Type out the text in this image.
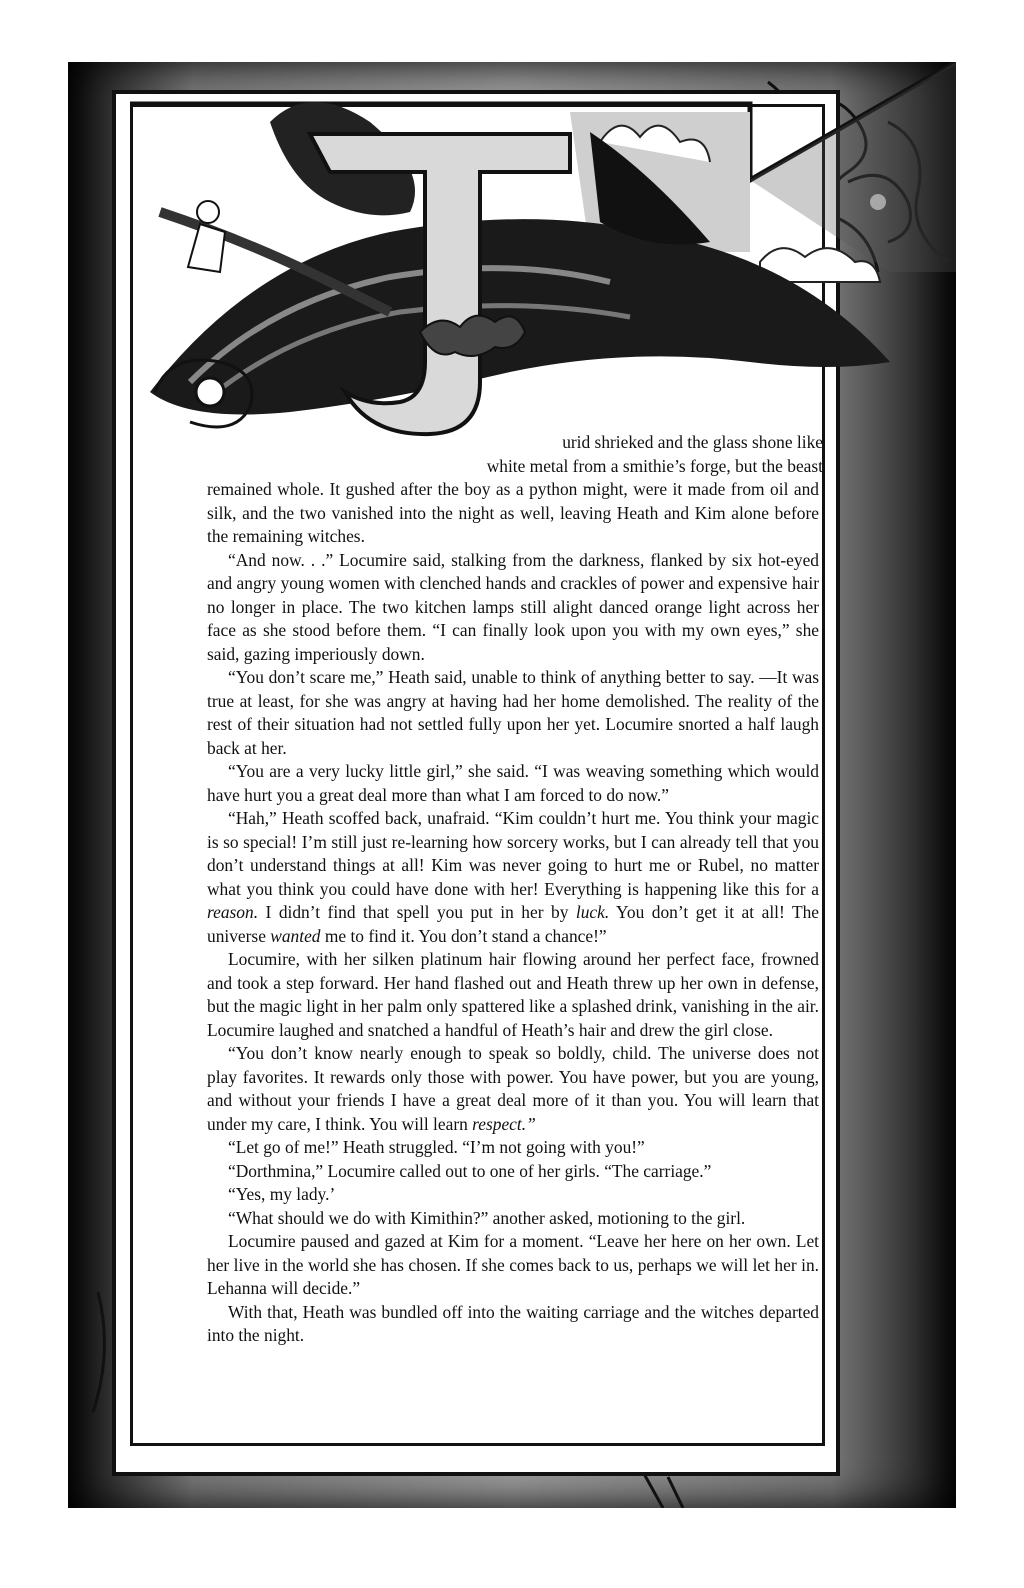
T

urid shrieked and the glass shone like

white metal from a smithie’s forge, but the beast

remained whole. It gushed after the boy as a python might, were it made from oil and silk, and the two vanished into the night as well, leaving Heath and Kim alone before the remaining witches.

“And now. . .” Locumire said, stalking from the darkness, flanked by six hot-eyed and angry young women with clenched hands and crackles of power and expensive hair no longer in place. The two kitchen lamps still alight danced orange light across her face as she stood before them. “I can finally look upon you with my own eyes,” she said, gazing imperiously down.

“You don’t scare me,” Heath said, unable to think of anything better to say. —It was true at least, for she was angry at having had her home demolished. The reality of the rest of their situation had not settled fully upon her yet. Locumire snorted a half laugh back at her.

“You are a very lucky little girl,” she said. “I was weaving something which would have hurt you a great deal more than what I am forced to do now.”

“Hah,” Heath scoffed back, unafraid. “Kim couldn’t hurt me. You think your magic is so special! I’m still just re-learning how sorcery works, but I can already tell that you don’t understand things at all! Kim was never going to hurt me or Rubel, no matter what you think you could have done with her! Everything is happening like this for a reason. I didn’t find that spell you put in her by luck. You don’t get it at all! The universe wanted me to find it. You don’t stand a chance!”

Locumire, with her silken platinum hair flowing around her perfect face, frowned and took a step forward. Her hand flashed out and Heath threw up her own in defense, but the magic light in her palm only spattered like a splashed drink, vanishing in the air. Locumire laughed and snatched a handful of Heath’s hair and drew the girl close.

“You don’t know nearly enough to speak so boldly, child. The universe does not play favorites. It rewards only those with power. You have power, but you are young, and without your friends I have a great deal more of it than you. You will learn that under my care, I think. You will learn respect.”

“Let go of me!” Heath struggled. “I’m not going with you!”

“Dorthmina,” Locumire called out to one of her girls. “The carriage.”

“Yes, my lady.’

“What should we do with Kimithin?” another asked, motioning to the girl.

Locumire paused and gazed at Kim for a moment. “Leave her here on her own. Let her live in the world she has chosen. If she comes back to us, perhaps we will let her in. Lehanna will decide.”

With that, Heath was bundled off into the waiting carriage and the witches departed into the night.
